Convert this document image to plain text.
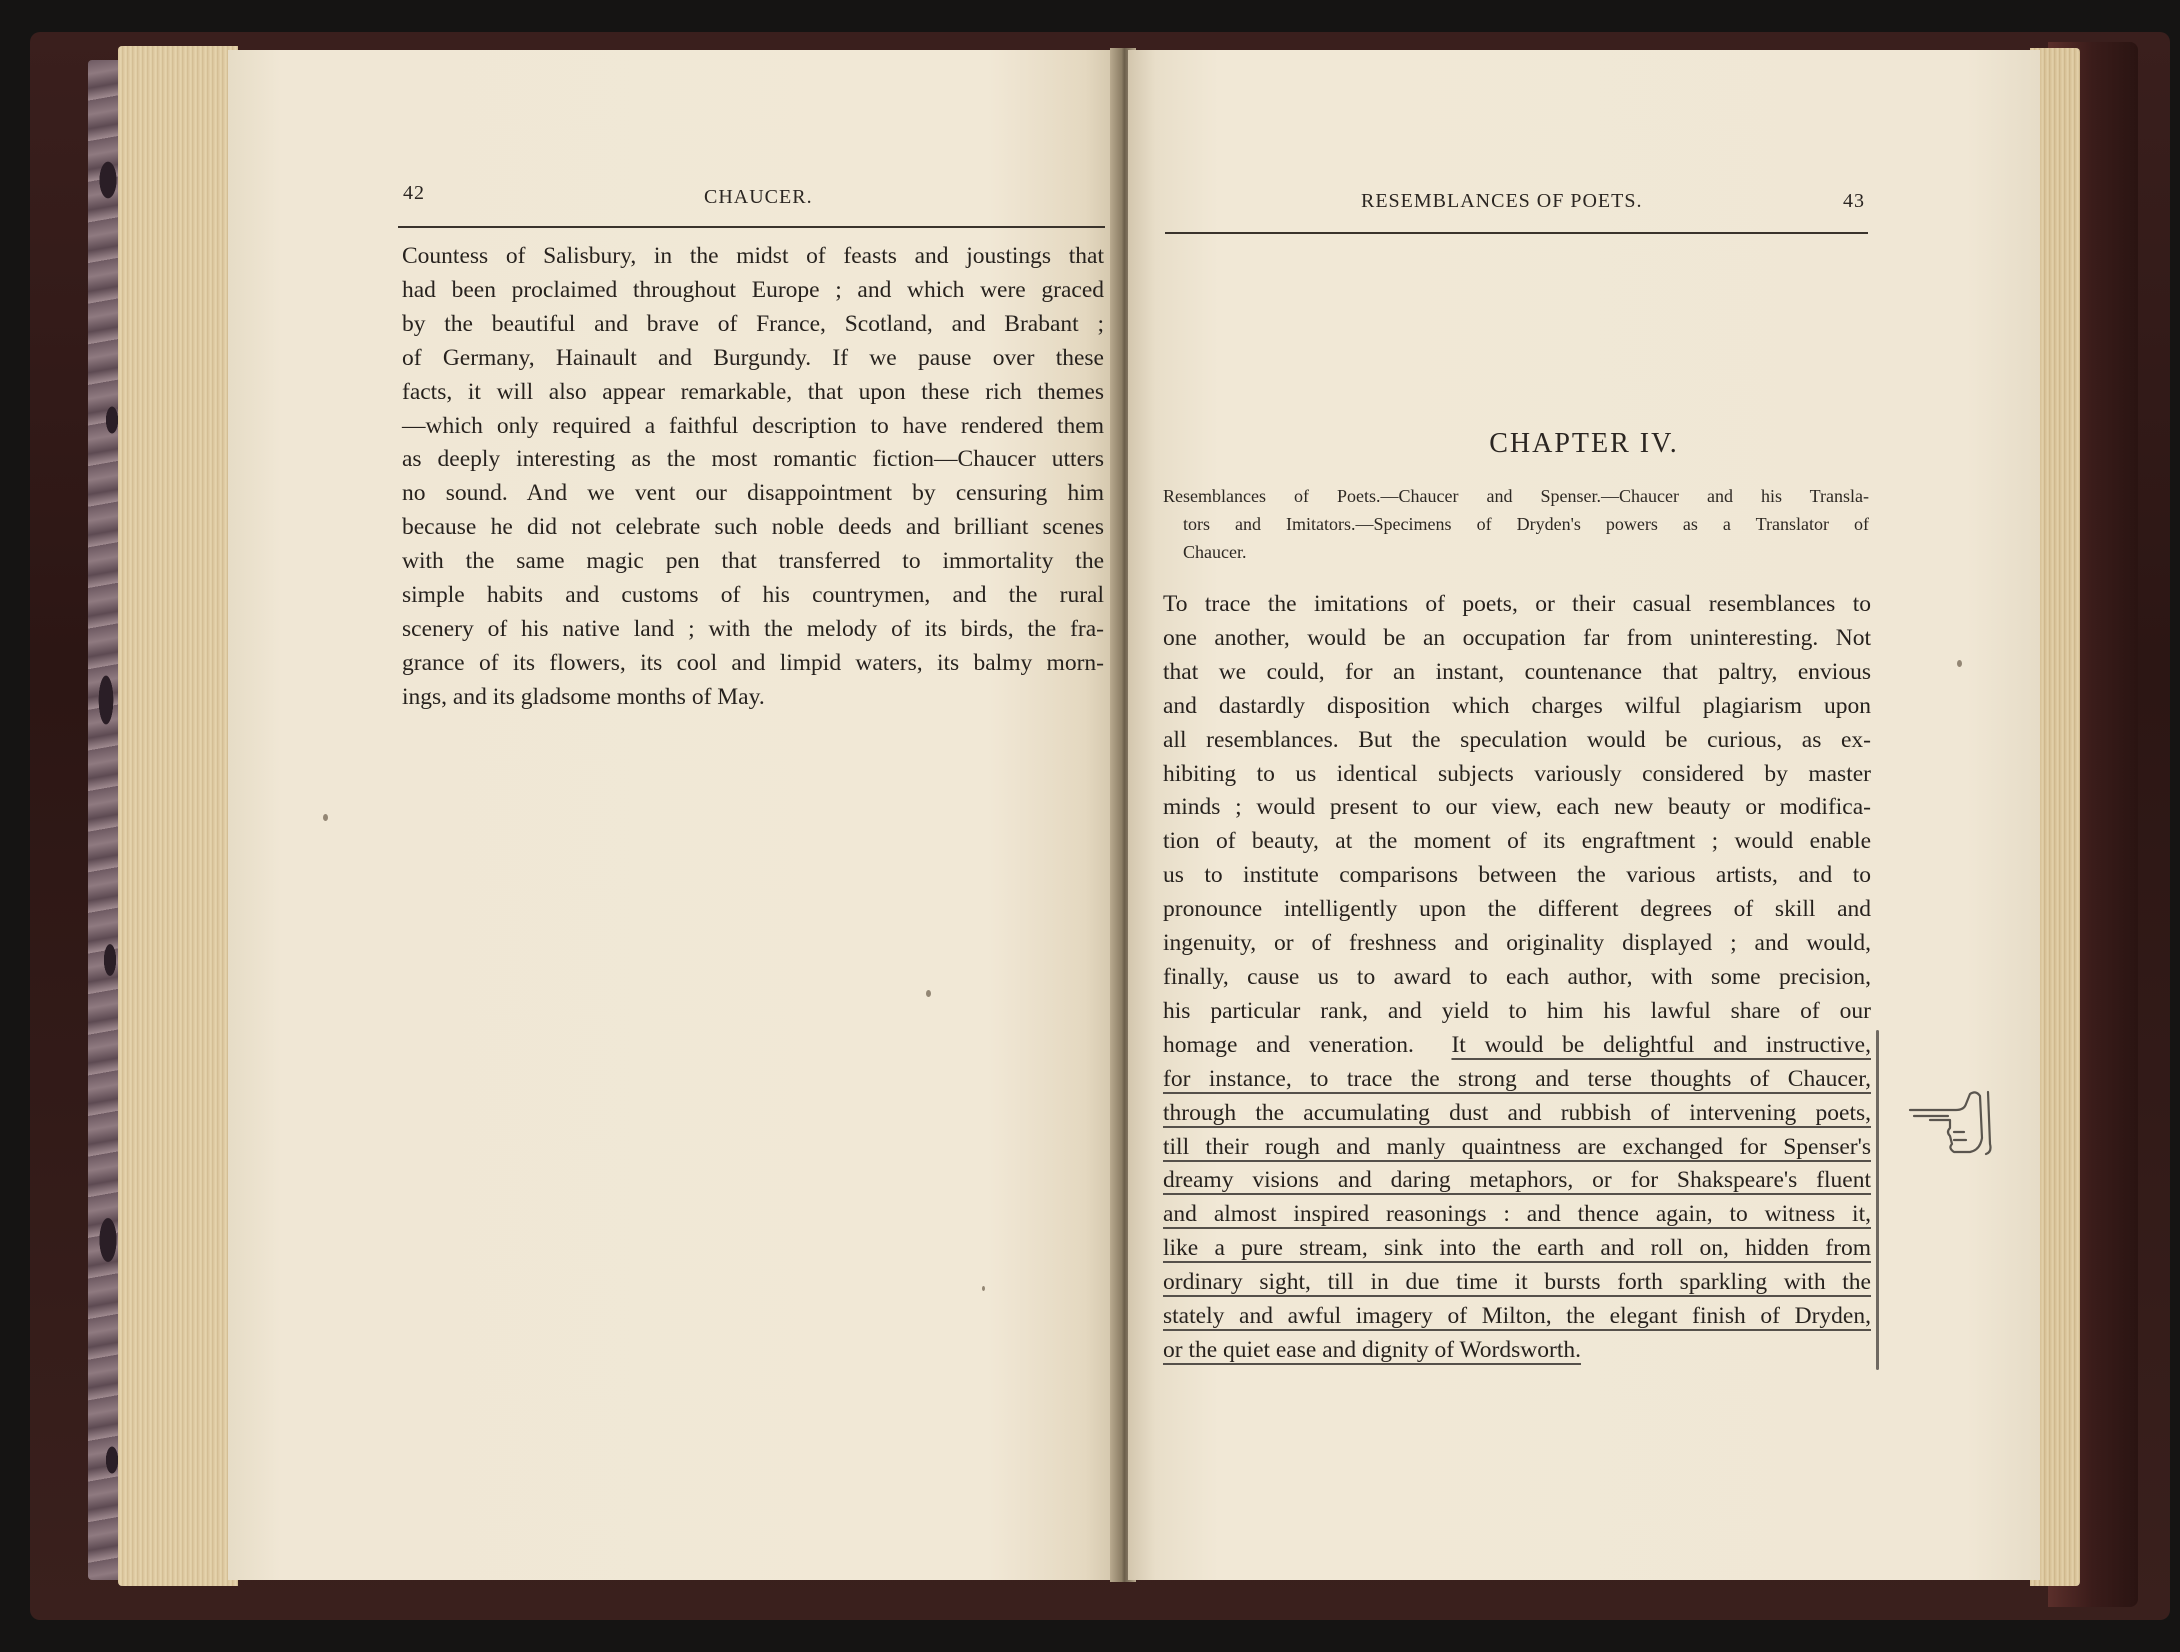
42	CHAUCER.
Countess of Salisbury, in the midst of feasts and joustings that
had been proclaimed throughout Europe ; and which were graced
by the beautiful and brave of France, Scotland, and Brabant ;
of Germany, Hainault and Burgundy. If we pause over these
facts, it will also appear remarkable, that upon these rich themes
—which only required a faithful description to have rendered them
as deeply interesting as the most romantic fiction—Chaucer utters
no sound. And we vent our disappointment by censuring him
because he did not celebrate such noble deeds and brilliant scenes
with the same magic pen that transferred to immortality the
simple habits and customs of his countrymen, and the rural
scenery of his native land ; with the melody of its birds, the fra-
grance of its flowers, its cool and limpid waters, its balmy morn-
ings, and its gladsome months of May.
RESEMBLANCES OF POETS.	43
CHAPTER IV.
Resemblances of Poets.—Chaucer and Spenser.—Chaucer and his Transla-
tors and Imitators.—Specimens of Dryden's powers as a Translator of
Chaucer.
To trace the imitations of poets, or their casual resemblances to
one another, would be an occupation far from uninteresting. Not
that we could, for an instant, countenance that paltry, envious
and dastardly disposition which charges wilful plagiarism upon
all resemblances. But the speculation would be curious, as ex-
hibiting to us identical subjects variously considered by master
minds ; would present to our view, each new beauty or modifica-
tion of beauty, at the moment of its engraftment ; would enable
us to institute comparisons between the various artists, and to
pronounce intelligently upon the different degrees of skill and
ingenuity, or of freshness and originality displayed ; and would,
finally, cause us to award to each author, with some precision,
his particular rank, and yield to him his lawful share of our
homage and veneration.  It would be delightful and instructive,
for instance, to trace the strong and terse thoughts of Chaucer,
through the accumulating dust and rubbish of intervening poets,
till their rough and manly quaintness are exchanged for Spenser's
dreamy visions and daring metaphors, or for Shakspeare's fluent
and almost inspired reasonings : and thence again, to witness it,
like a pure stream, sink into the earth and roll on, hidden from
ordinary sight, till in due time it bursts forth sparkling with the
stately and awful imagery of Milton, the elegant finish of Dryden,
or the quiet ease and dignity of Wordsworth.
